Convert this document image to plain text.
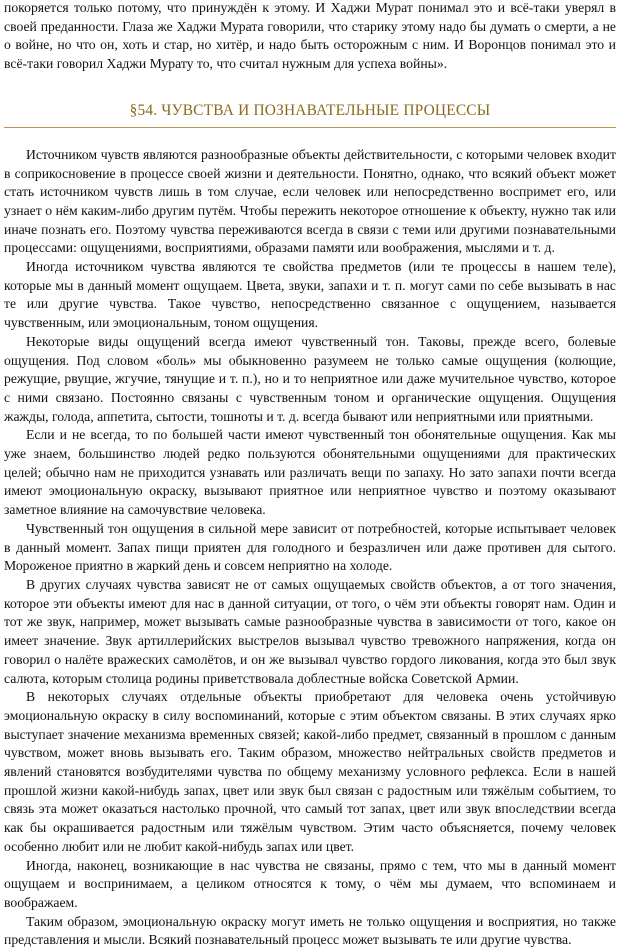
покоряется только потому, что принуждён к этому. И Хаджи Мурат понимал это и всё-таки уверял в своей преданности. Глаза же Хаджи Мурата говорили, что старику этому надо бы думать о смерти, а не о войне, но что он, хоть и стар, но хитёр, и надо быть осторожным с ним. И Воронцов понимал это и всё-таки говорил Хаджи Мурату то, что считал нужным для успеха войны».

§54. ЧУВСТВА И ПОЗНАВАТЕЛЬНЫЕ ПРОЦЕССЫ

Источником чувств являются разнообразные объекты действительности, с которыми человек входит в соприкосновение в процессе своей жизни и деятельности. Понятно, однако, что всякий объект может стать источником чувств лишь в том случае, если человек или непосредственно воспримет его, или узнает о нём каким-либо другим путём. Чтобы пережить некоторое отношение к объекту, нужно так или иначе познать его. Поэтому чувства переживаются всегда в связи с теми или другими познавательными процессами: ощущениями, восприятиями, образами памяти или воображения, мыслями и т. д.

Иногда источником чувства являются те свойства предметов (или те процессы в нашем теле), которые мы в данный момент ощущаем. Цвета, звуки, запахи и т. п. могут сами по себе вызывать в нас те или другие чувства. Такое чувство, непосредственно связанное с ощущением, называется чувственным, или эмоциональным, тоном ощущения.

Некоторые виды ощущений всегда имеют чувственный тон. Таковы, прежде всего, болевые ощущения. Под словом «боль» мы обыкновенно разумеем не только самые ощущения (колющие, режущие, рвущие, жгучие, тянущие и т. п.), но и то неприятное или даже мучительное чувство, которое с ними связано. Постоянно связаны с чувственным тоном и органические ощущения. Ощущения жажды, голода, аппетита, сытости, тошноты и т. д. всегда бывают или неприятными или приятными.

Если и не всегда, то по большей части имеют чувственный тон обонятельные ощущения. Как мы уже знаем, большинство людей редко пользуются обонятельными ощущениями для практических целей; обычно нам не приходится узнавать или различать вещи по запаху. Но зато запахи почти всегда имеют эмоциональную окраску, вызывают приятное или неприятное чувство и поэтому оказывают заметное влияние на самочувствие человека.

Чувственный тон ощущения в сильной мере зависит от потребностей, которые испытывает человек в данный момент. Запах пищи приятен для голодного и безразличен или даже противен для сытого. Мороженое приятно в жаркий день и совсем неприятно на холоде.

В других случаях чувства зависят не от самых ощущаемых свойств объектов, а от того значения, которое эти объекты имеют для нас в данной ситуации, от того, о чём эти объекты говорят нам. Один и тот же звук, например, может вызывать самые разнообразные чувства в зависимости от того, какое он имеет значение. Звук артиллерийских выстрелов вызывал чувство тревожного напряжения, когда он говорил о налёте вражеских самолётов, и он же вызывал чувство гордого ликования, когда это был звук салюта, которым столица родины приветствовала доблестные войска Советской Армии.

В некоторых случаях отдельные объекты приобретают для человека очень устойчивую эмоциональную окраску в силу воспоминаний, которые с этим объектом связаны. В этих случаях ярко выступает значение механизма временных связей; какой-либо предмет, связанный в прошлом с данным чувством, может вновь вызывать его. Таким образом, множество нейтральных свойств предметов и явлений становятся возбудителями чувства по общему механизму условного рефлекса. Если в нашей прошлой жизни какой-нибудь запах, цвет или звук был связан с радостным или тяжёлым событием, то связь эта может оказаться настолько прочной, что самый тот запах, цвет или звук впоследствии всегда как бы окрашивается радостным или тяжёлым чувством. Этим часто объясняется, почему человек особенно любит или не любит какой-нибудь запах или цвет.

Иногда, наконец, возникающие в нас чувства не связаны, прямо с тем, что мы в данный момент ощущаем и воспринимаем, а целиком относятся к тому, о чём мы думаем, что вспоминаем и воображаем.

Таким образом, эмоциональную окраску могут иметь не только ощущения и восприятия, но также представления и мысли. Всякий познавательный процесс может вызывать те или другие чувства.
